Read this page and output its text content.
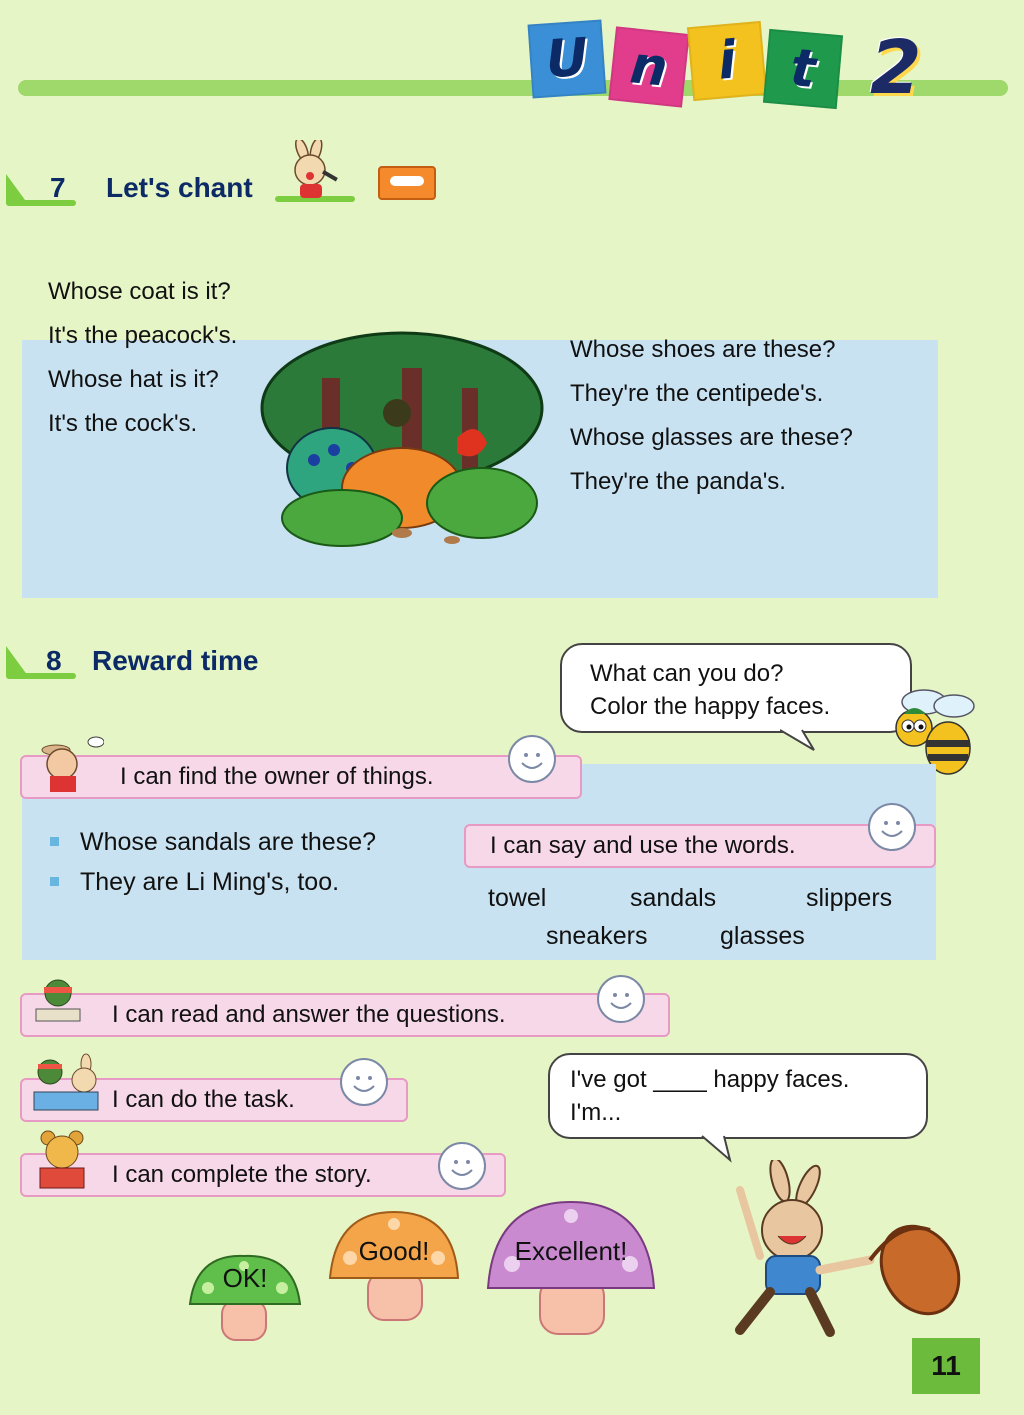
U n i t 2
7 Let's chant
Whose coat is it?
It's the peacock's.
Whose hat is it?
It's the cock's.
Whose shoes are these?
They're the centipede's.
Whose glasses are these?
They're the panda's.
8 Reward time	What can you do?
Color the happy faces.
I can find the owner of things.
Whose sandals are these?
They are Li Ming's, too.
I can say and use the words.
towel	sandals	slippers
sneakers	glasses
I can read and answer the questions.
I can do the task.
I've got ____ happy faces.
I'm...
I can complete the story.
OK!
Good!	Excellent!
11
